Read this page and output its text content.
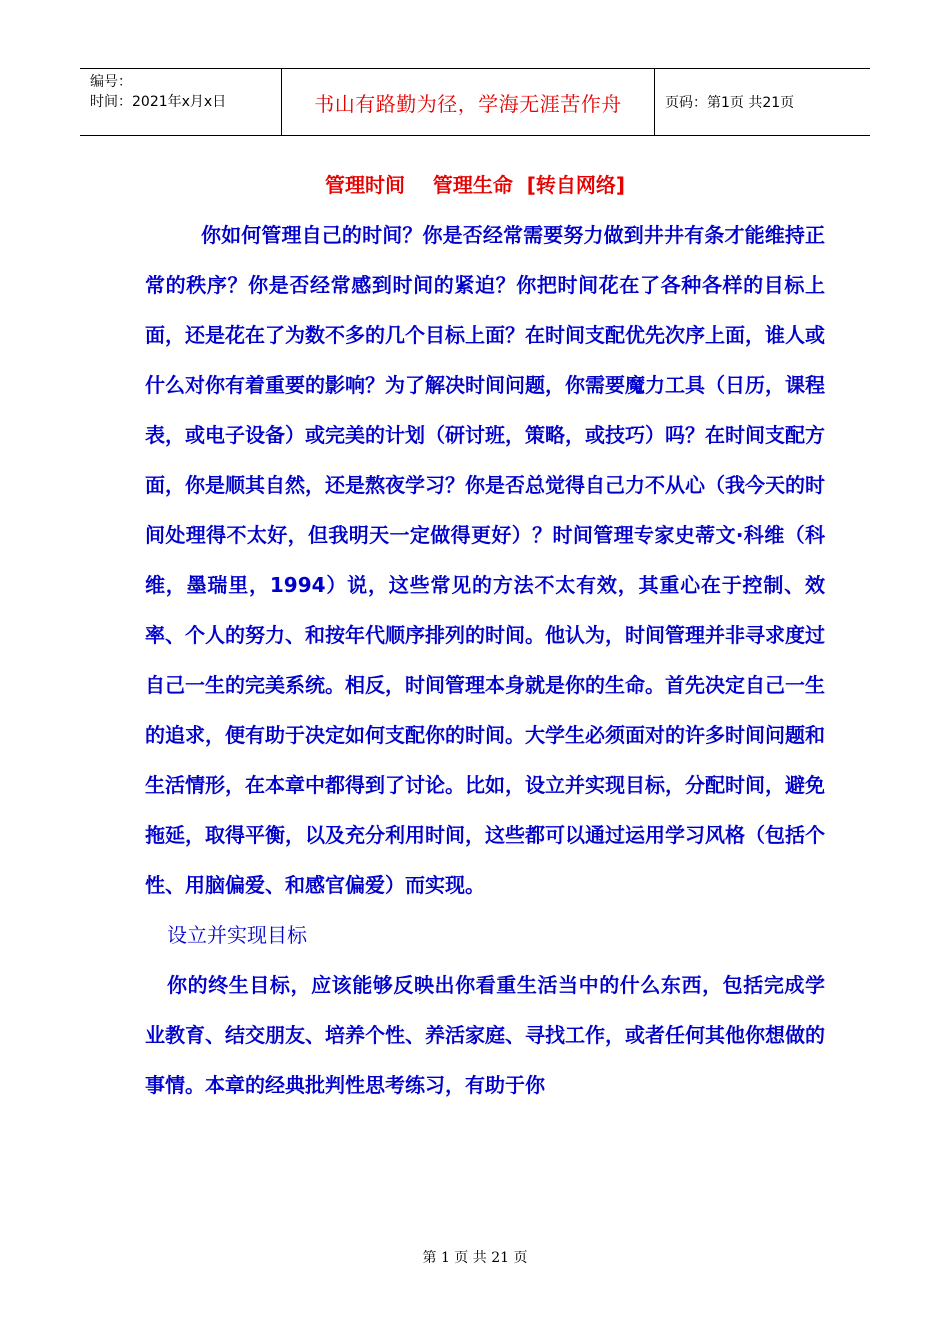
编号：
时间：2021年x月x日	书山有路勤为径，学海无涯苦作舟	页码：第1页 共21页
管理时间    管理生命  [转自网络]

你如何管理自己的时间？你是否经常需要努力做到井井有条才能维持正常的秩序？你是否经常感到时间的紧迫？你把时间花在了各种各样的目标上面，还是花在了为数不多的几个目标上面？在时间支配优先次序上面，谁人或什么对你有着重要的影响？为了解决时间问题，你需要魔力工具（日历，课程表，或电子设备）或完美的计划（研讨班，策略，或技巧）吗？在时间支配方面，你是顺其自然，还是熬夜学习？你是否总觉得自己力不从心（我今天的时间处理得不太好，但我明天一定做得更好）？时间管理专家史蒂文·科维（科维，墨瑞里，1994）说，这些常见的方法不太有效，其重心在于控制、效率、个人的努力、和按年代顺序排列的时间。他认为，时间管理并非寻求度过自己一生的完美系统。相反，时间管理本身就是你的生命。首先决定自己一生的追求，便有助于决定如何支配你的时间。大学生必须面对的许多时间问题和生活情形，在本章中都得到了讨论。比如，设立并实现目标，分配时间，避免拖延，取得平衡，以及充分利用时间，这些都可以通过运用学习风格（包括个性、用脑偏爱、和感官偏爱）而实现。

设立并实现目标

你的终生目标，应该能够反映出你看重生活当中的什么东西，包括完成学业教育、结交朋友、培养个性、养活家庭、寻找工作，或者任何其他你想做的事情。本章的经典批判性思考练习，有助于你

第 1 页 共 21 页
